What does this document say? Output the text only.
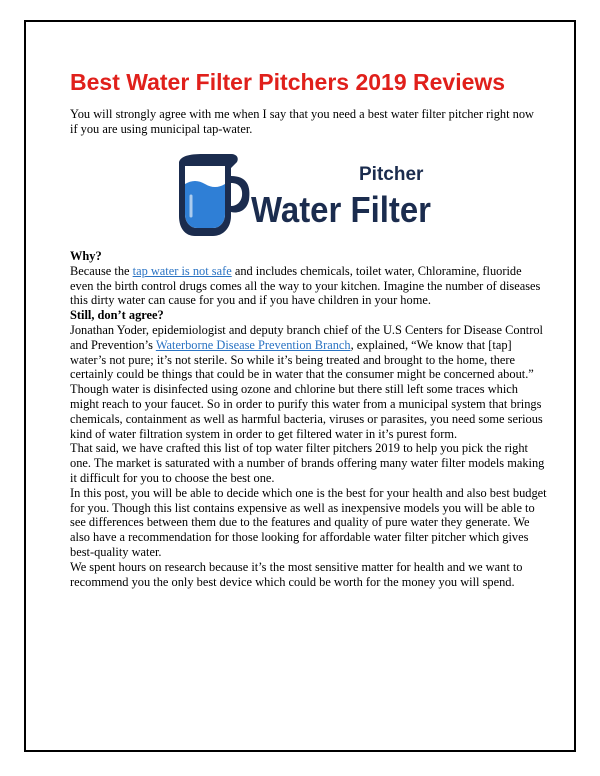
Best Water Filter Pitchers 2019 Reviews

You will strongly agree with me when I say that you need a best water filter pitcher right now if you are using municipal tap-water.

Pitcher
Water Filter

Why?

Because the tap water is not safe and includes chemicals, toilet water, Chloramine, fluoride even the birth control drugs comes all the way to your kitchen. Imagine the number of diseases this dirty water can cause for you and if you have children in your home.

Still, don’t agree?

Jonathan Yoder, epidemiologist and deputy branch chief of the U.S Centers for Disease Control and Prevention’s Waterborne Disease Prevention Branch, explained, “We know that [tap] water’s not pure; it’s not sterile. So while it’s being treated and brought to the home, there certainly could be things that could be in water that the consumer might be concerned about.”

Though water is disinfected using ozone and chlorine but there still left some traces which might reach to your faucet. So in order to purify this water from a municipal system that brings chemicals, containment as well as harmful bacteria, viruses or parasites, you need some serious kind of water filtration system in order to get filtered water in it’s purest form.

That said, we have crafted this list of top water filter pitchers 2019 to help you pick the right one. The market is saturated with a number of brands offering many water filter models making it difficult for you to choose the best one.

In this post, you will be able to decide which one is the best for your health and also best budget for you. Though this list contains expensive as well as inexpensive models you will be able to see differences between them due to the features and quality of pure water they generate. We also have a recommendation for those looking for affordable water filter pitcher which gives best-quality water.

We spent hours on research because it’s the most sensitive matter for health and we want to recommend you the only best device which could be worth for the money you will spend.
